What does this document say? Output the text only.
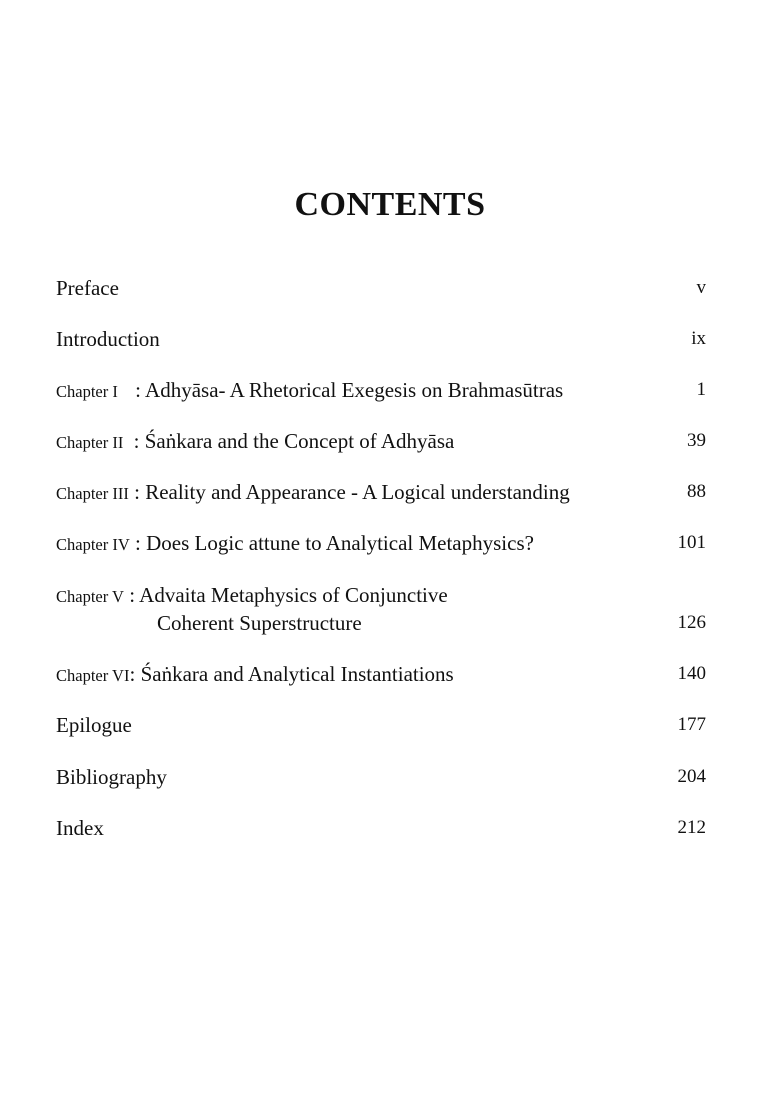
CONTENTS
Preface	v
Introduction	ix
Chapter I : Adhyāsa- A Rhetorical Exegesis on Brahmasūtras	1
Chapter II : Śaṅkara and the Concept of Adhyāsa	39
Chapter III : Reality and Appearance - A Logical understanding	88
Chapter IV : Does Logic attune to Analytical Metaphysics?	101
Chapter V : Advaita Metaphysics of Conjunctive
Coherent Superstructure	126
Chapter VI: Śaṅkara and Analytical Instantiations	140
Epilogue	177
Bibliography	204
Index	212
